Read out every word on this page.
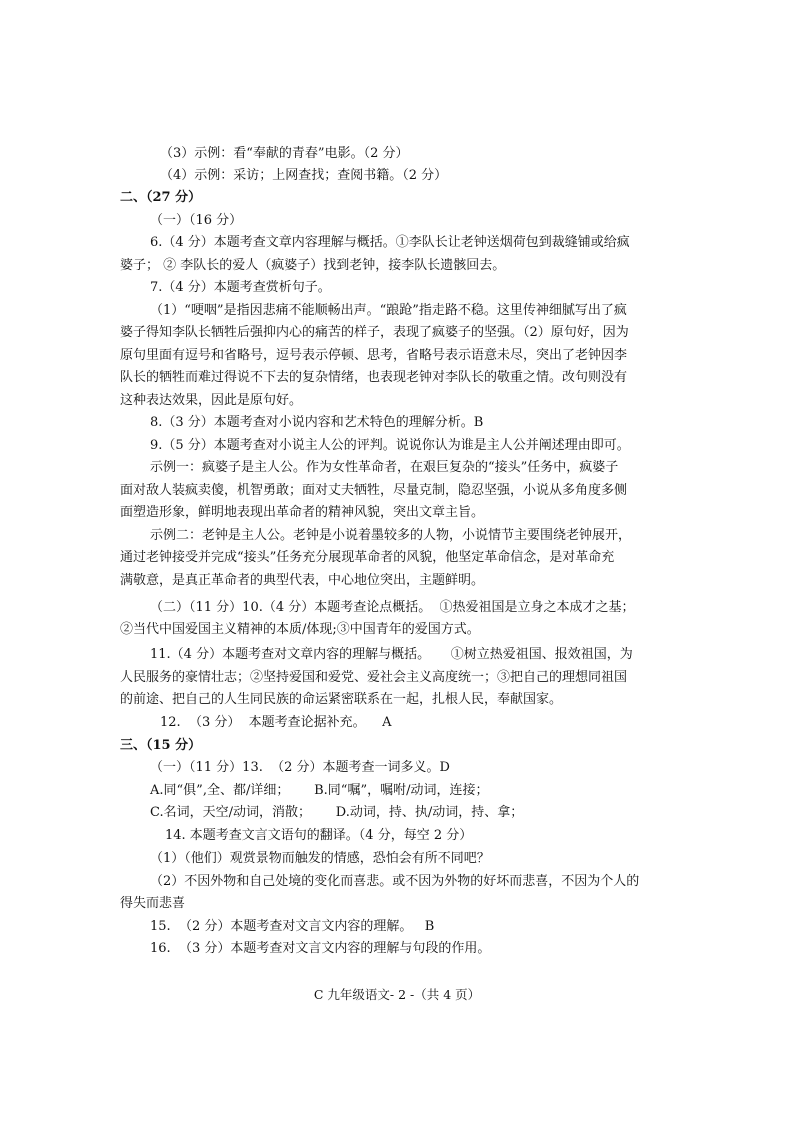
（3）示例：看“奉献的青春”电影。（2 分）
（4）示例：采访；上网查找；查阅书籍。（2 分）
二、（27 分）
（一）（16 分）
6.（4 分）本题考查文章内容理解与概括。①李队长让老钟送烟荷包到裁缝铺或给疯
婆子； ② 李队长的爱人（疯婆子）找到老钟，接李队长遗骸回去。
7.（4 分）本题考查赏析句子。
（1）“哽咽”是指因悲痛不能顺畅出声。“踉跄”指走路不稳。这里传神细腻写出了疯
婆子得知李队长牺牲后强抑内心的痛苦的样子，表现了疯婆子的坚强。（2）原句好，因为
原句里面有逗号和省略号，逗号表示停顿、思考，省略号表示语意未尽，突出了老钟因李
队长的牺牲而难过得说不下去的复杂情绪，也表现老钟对李队长的敬重之情。改句则没有
这种表达效果，因此是原句好。
8.（3 分）本题考查对小说内容和艺术特色的理解分析。B
9.（5 分）本题考查对小说主人公的评判。说说你认为谁是主人公并阐述理由即可。
示例一：疯婆子是主人公。作为女性革命者，在艰巨复杂的“接头”任务中，疯婆子
面对敌人装疯卖傻，机智勇敢；面对丈夫牺牲，尽量克制，隐忍坚强，小说从多角度多侧
面塑造形象，鲜明地表现出革命者的精神风貌，突出文章主旨。
示例二：老钟是主人公。老钟是小说着墨较多的人物，小说情节主要围绕老钟展开，
通过老钟接受并完成“接头”任务充分展现革命者的风貌，他坚定革命信念，是对革命充
满敬意，是真正革命者的典型代表，中心地位突出，主题鲜明。
（二）（11 分）10.（4 分）本题考查论点概括。  ①热爱祖国是立身之本成才之基；
②当代中国爱国主义精神的本质/体现;③中国青年的爱国方式。
11.（4 分）本题考查对文章内容的理解与概括。     ①树立热爱祖国、报效祖国，为
人民服务的豪情壮志；②坚持爱国和爱党、爱社会主义高度统一；③把自己的理想同祖国
的前途、把自己的人生同民族的命运紧密联系在一起，扎根人民，奉献国家。
12.  （3 分）  本题考查论据补充。    A
三、（15 分）
（一）（11 分）13.  （2 分）本题考查一词多义。D
A.同“俱”,全、都/详细；      B.同“嘱”，嘱咐/动词，连接；
C.名词，天空/动词，消散；      D.动词，持、执/动词，持、拿；
14. 本题考查文言文语句的翻译。（4 分，每空 2 分）
（1）（他们）观赏景物而触发的情感，恐怕会有所不同吧？
（2）不因外物和自己处境的变化而喜悲。或不因为外物的好坏而悲喜，不因为个人的
得失而悲喜
15.  （2 分）本题考查对文言文内容的理解。   B
16.  （3 分）本题考查对文言文内容的理解与句段的作用。
C 九年级语文- 2 -（共 4 页）
